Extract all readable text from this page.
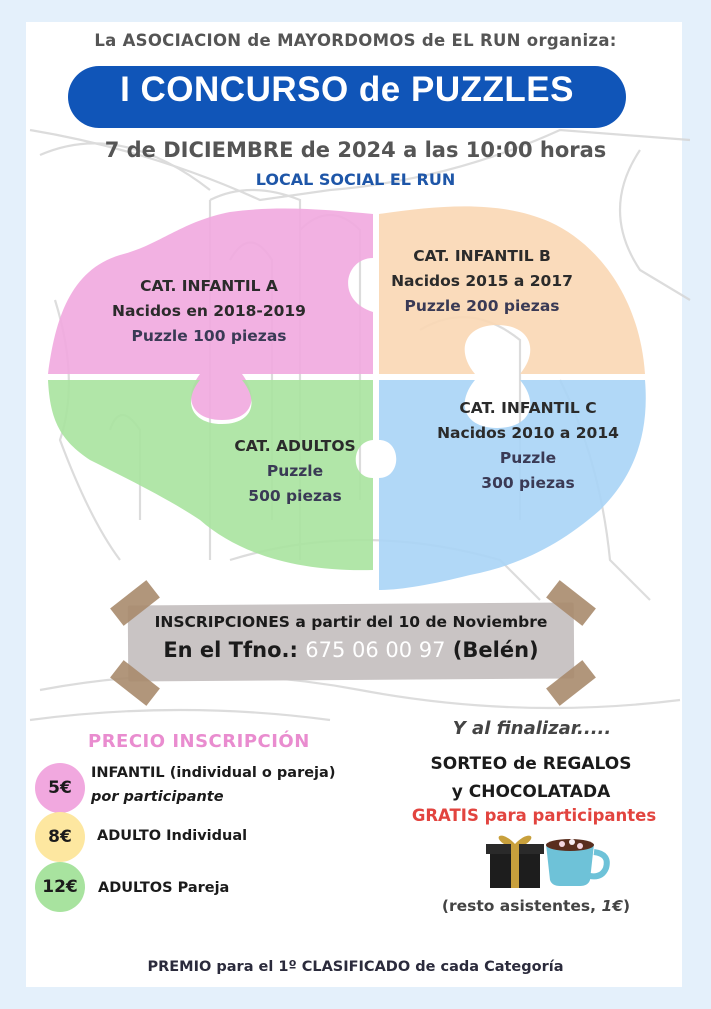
La ASOCIACION de MAYORDOMOS de EL RUN organiza:
I CONCURSO de PUZZLES
7 de DICIEMBRE de 2024 a las 10:00 horas
LOCAL SOCIAL EL RUN
CAT. INFANTIL A
Nacidos en 2018-2019
Puzzle 100 piezas
CAT. INFANTIL B
Nacidos 2015 a 2017
Puzzle 200 piezas
CAT. ADULTOS
Puzzle
500 piezas
CAT. INFANTIL C
Nacidos 2010 a 2014
Puzzle
300 piezas
INSCRIPCIONES a partir del 10 de Noviembre
En el Tfno.: 675 06 00 97 (Belén)
PRECIO INSCRIPCIÓN
5€
INFANTIL (individual o pareja)
por participante
8€	ADULTO Individual
12€	ADULTOS Pareja
Y al finalizar.....
SORTEO de REGALOS
y CHOCOLATADA
GRATIS para participantes
(resto asistentes, 1€)
PREMIO para el 1º CLASIFICADO de cada Categoría
